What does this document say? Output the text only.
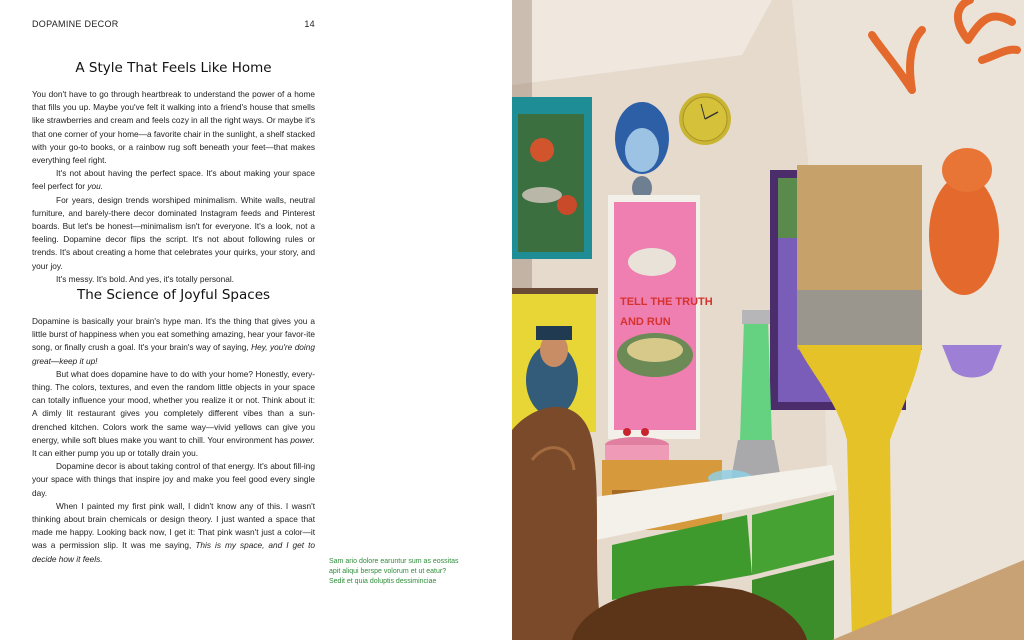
DOPAMINE DECOR	14
A Style That Feels Like Home

You don't have to go through heartbreak to understand the power of a home that fills you up. Maybe you've felt it walking into a friend's house that smells like strawberries and cream and feels cozy in all the right ways. Or maybe it's that one corner of your home—a favorite chair in the sunlight, a shelf stacked with your go-to books, or a rainbow rug soft beneath your feet—that makes everything feel right.

It's not about having the perfect space. It's about making your space feel perfect for you.

For years, design trends worshiped minimalism. White walls, neutral furniture, and barely-there decor dominated Instagram feeds and Pinterest boards. But let's be honest—minimalism isn't for everyone. It's a look, not a feeling. Dopamine decor flips the script. It's not about following rules or trends. It's about creating a home that celebrates your quirks, your story, and your joy.

It's messy. It's bold. And yes, it's totally personal.

The Science of Joyful Spaces

Dopamine is basically your brain's hype man. It's the thing that gives you a little burst of happiness when you eat something amazing, hear your favor-ite song, or finally crush a goal. It's your brain's way of saying, Hey, you're doing great—keep it up!

But what does dopamine have to do with your home? Honestly, every-thing. The colors, textures, and even the random little objects in your space can totally influence your mood, whether you realize it or not. Think about it: A dimly lit restaurant gives you completely different vibes than a sun-drenched kitchen. Colors work the same way—vivid yellows can give you energy, while soft blues make you want to chill. Your environment has power. It can either pump you up or totally drain you.

Dopamine decor is about taking control of that energy. It's about fill-ing your space with things that inspire joy and make you feel good every single day.

When I painted my first pink wall, I didn't know any of this. I wasn't thinking about brain chemicals or design theory. I just wanted a space that made me happy. Looking back now, I get it: That pink wasn't just a color—it was a permission slip. It was me saying, This is my space, and I get to decide how it feels.	Sam ario dolore earuntur sum as eossitas apit aliqui berspe volorum et ut eatur?

Sedit et quia doluptis dessiminciae

TELL THE TRUTH
AND RUN
